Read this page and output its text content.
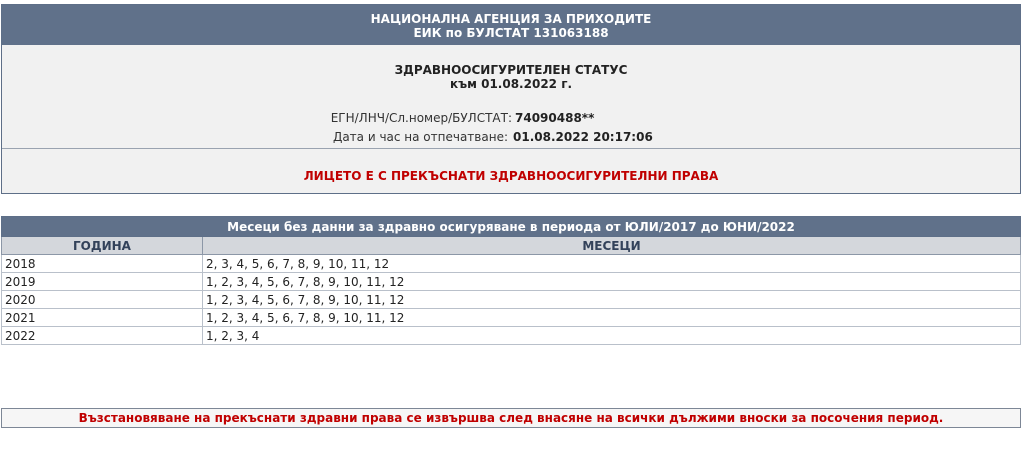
НАЦИОНАЛНА АГЕНЦИЯ ЗА ПРИХОДИТЕ
ЕИК по БУЛСТАТ 131063188
ЗДРАВНООСИГУРИТЕЛЕН СТАТУС
към 01.08.2022 г.
ЕГН/ЛНЧ/Сл.номер/БУЛСТАТ: 74090488**
Дата и час на отпечатване: 01.08.2022 20:17:06
ЛИЦЕТО Е С ПРЕКЪСНАТИ ЗДРАВНООСИГУРИТЕЛНИ ПРАВА
Месеци без данни за здравно осигуряване в периода от ЮЛИ/2017 до ЮНИ/2022	
ГОДИНА	МЕСЕЦИ
2018	2, 3, 4, 5, 6, 7, 8, 9, 10, 11, 12
2019	1, 2, 3, 4, 5, 6, 7, 8, 9, 10, 11, 12
2020	1, 2, 3, 4, 5, 6, 7, 8, 9, 10, 11, 12
2021	1, 2, 3, 4, 5, 6, 7, 8, 9, 10, 11, 12
2022	1, 2, 3, 4
Възстановяване на прекъснати здравни права се извършва след внасяне на всички дължими вноски за посочения период.
